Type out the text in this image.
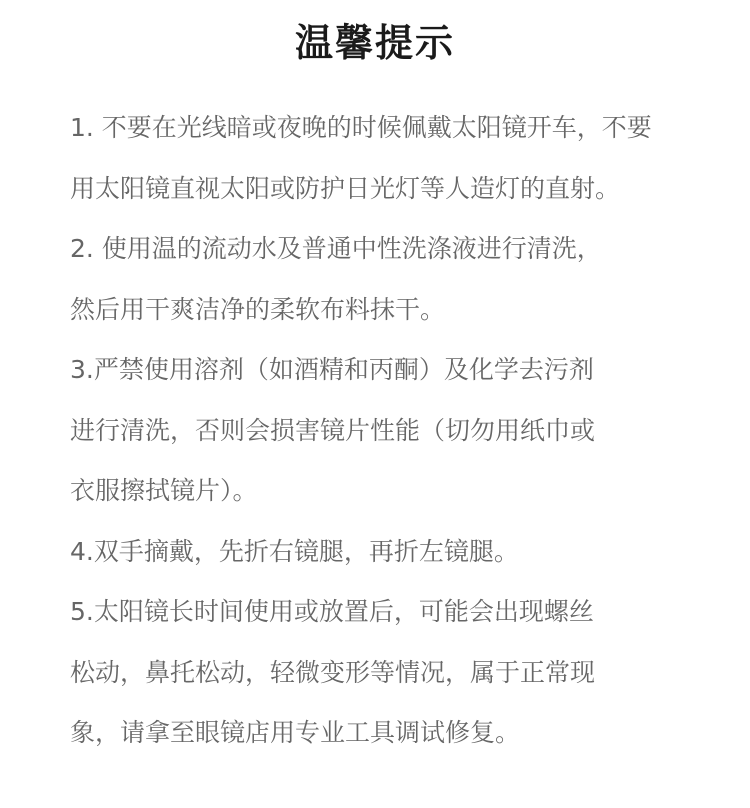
温馨提示
1. 不要在光线暗或夜晚的时候佩戴太阳镜开车，不要
用太阳镜直视太阳或防护日光灯等人造灯的直射。
2. 使用温的流动水及普通中性洗涤液进行清洗，
然后用干爽洁净的柔软布料抹干。
3.严禁使用溶剂（如酒精和丙酮）及化学去污剂
进行清洗，否则会损害镜片性能（切勿用纸巾或
衣服擦拭镜片）。
4.双手摘戴，先折右镜腿，再折左镜腿。
5.太阳镜长时间使用或放置后，可能会出现螺丝
松动，鼻托松动，轻微变形等情况，属于正常现
象，请拿至眼镜店用专业工具调试修复。
